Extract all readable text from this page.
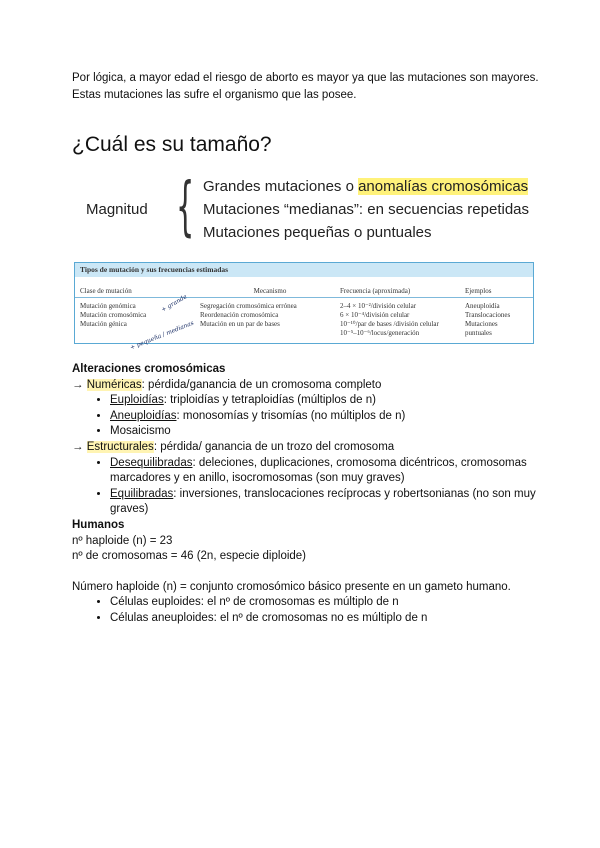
Por lógica, a mayor edad el riesgo de aborto es mayor ya que las mutaciones son mayores.
Estas mutaciones las sufre el organismo que las posee.
¿Cuál es su tamaño?
Magnitud { Grandes mutaciones o anomalías cromosómicas
Mutaciones “medianas”: en secuencias repetidas
Mutaciones pequeñas o puntuales
Tipos de mutación y sus frecuencias estimadas
Clase de mutación	Mecanismo	Frecuencia (aproximada)	Ejemplos
Mutación genómica	Segregación cromosómica errónea	2–4 × 10⁻²/división celular	Aneuploidía
Mutación cromosómica	Reordenación cromosómica	6 × 10⁻⁴/división celular	Translocaciones
Mutación génica	Mutación en un par de bases	10⁻¹⁰/par de bases /división celular	Mutaciones
10⁻⁵–10⁻⁶/locus/generación	puntuales
+ grande
+ pequeña / medianas

Alteraciones cromosómicas

→ Numéricas: pérdida/ganancia de un cromosoma completo

• Euploidías: triploidías y tetraploidías (múltiplos de n)
• Aneuploidías: monosomías y trisomías (no múltiplos de n)
• Mosaicismo

→ Estructurales: pérdida/ ganancia de un trozo del cromosoma

• Desequilibradas: deleciones, duplicaciones, cromosoma dicéntricos, cromosomas marcadores y en anillo, isocromosomas (son muy graves)
• Equilibradas: inversiones, translocaciones recíprocas y robertsonianas (no son muy graves)

Humanos

nº haploide (n) = 23

nº de cromosomas = 46 (2n, especie diploide)

Número haploide (n) = conjunto cromosómico básico presente en un gameto humano.

• Células euploides: el nº de cromosomas es múltiplo de n
• Células aneuploides: el nº de cromosomas no es múltiplo de n
